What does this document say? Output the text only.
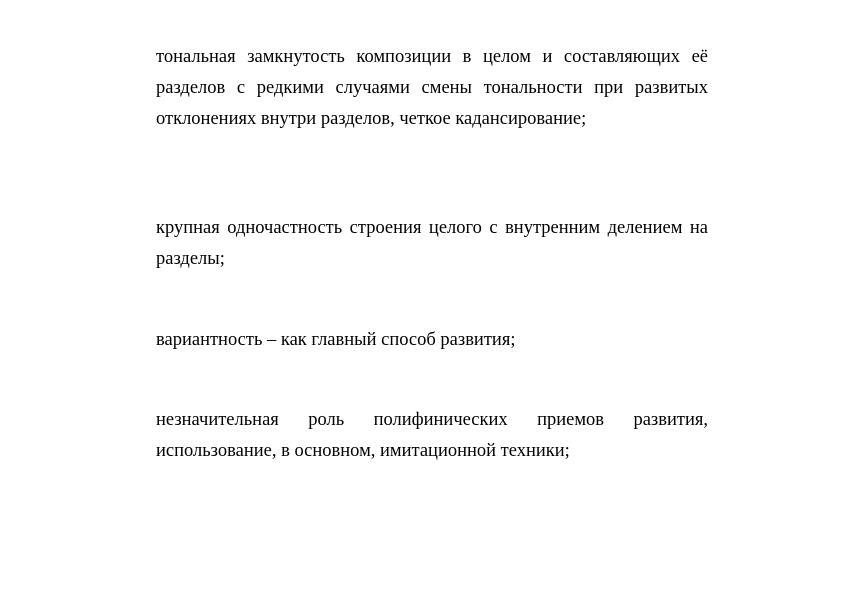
тональная замкнутость композиции в целом и составляющих её разделов с редкими случаями смены тональности при развитых отклонениях внутри разделов, четкое кадансирование;

крупная одночастность строения целого с внутренним делением на разделы;

вариантность – как главный способ развития;

незначительная роль полифинических приемов развития, использование, в основном, имитационной техники;
